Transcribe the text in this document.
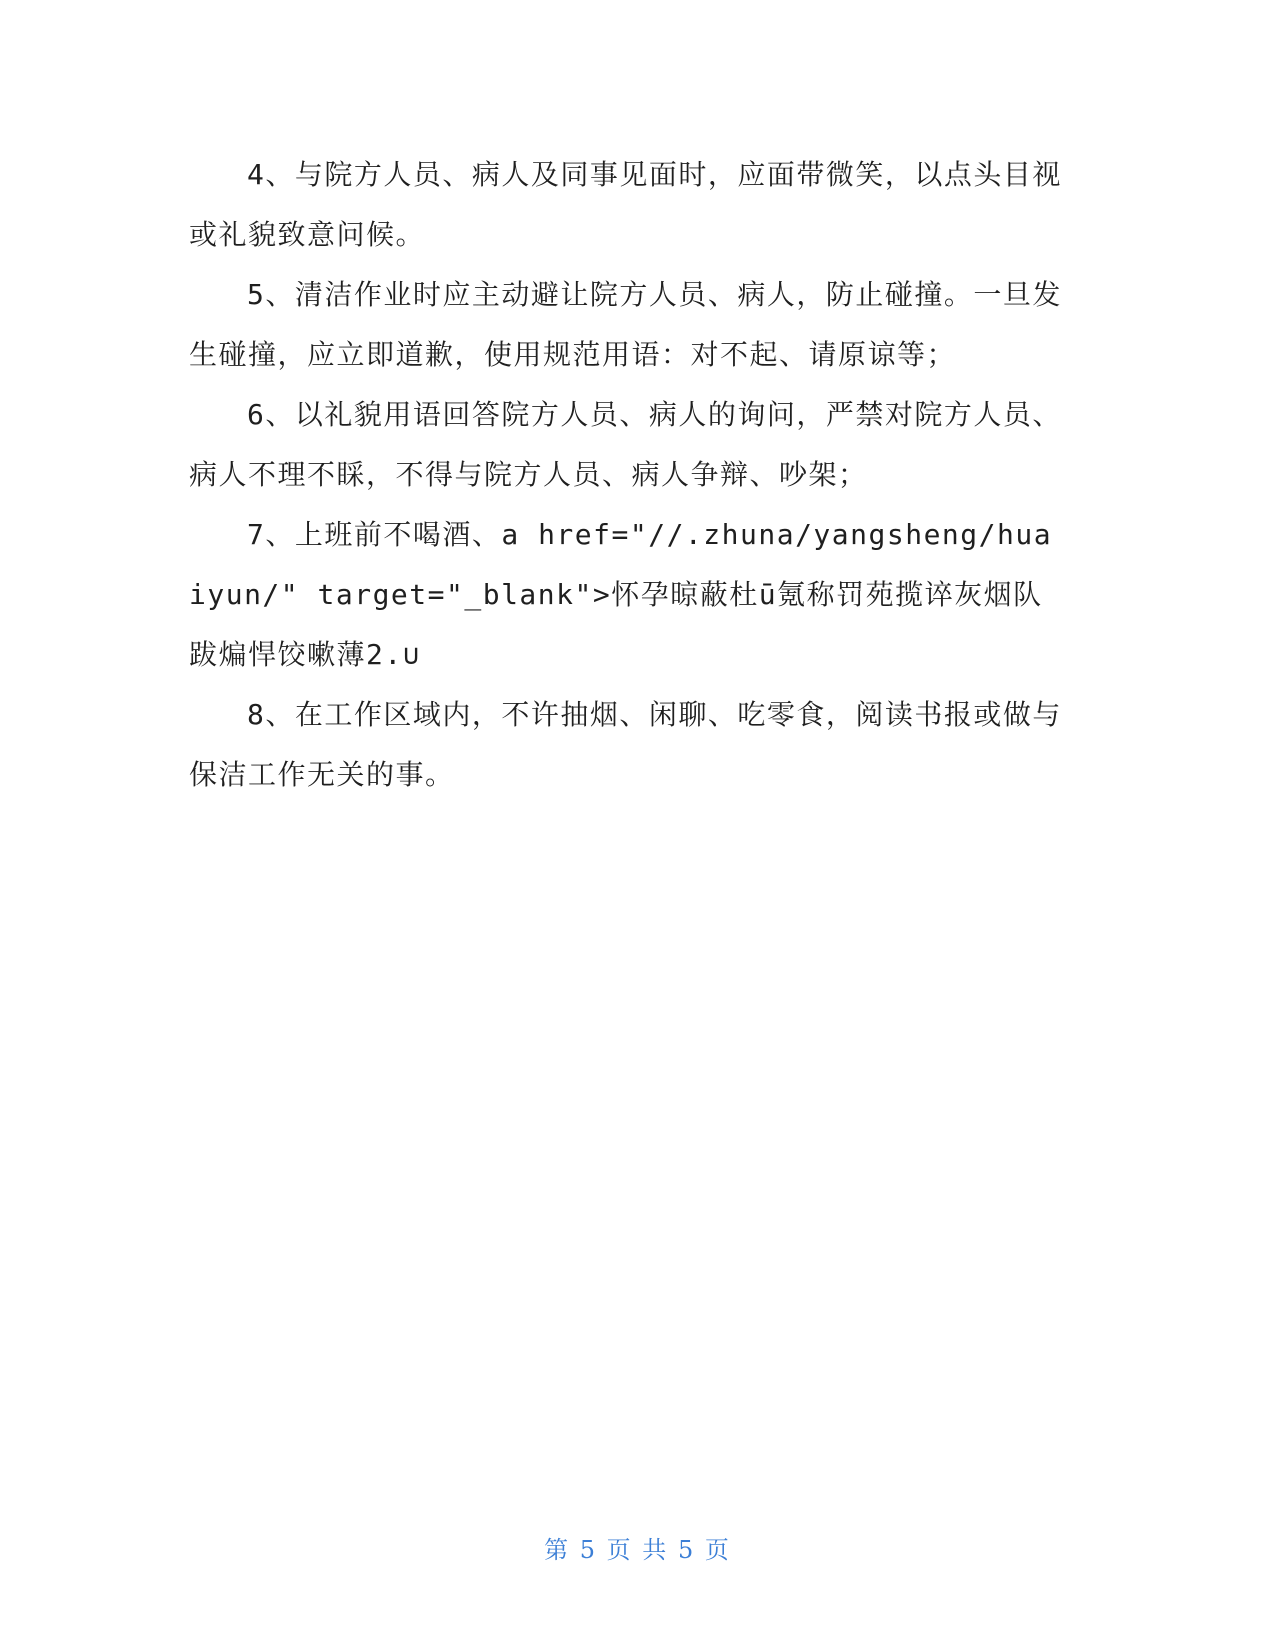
4、与院方人员、病人及同事见面时，应面带微笑，以点头目视或礼貌致意问候。

5、清洁作业时应主动避让院方人员、病人，防止碰撞。一旦发生碰撞，应立即道歉，使用规范用语：对不起、请原谅等；

6、以礼貌用语回答院方人员、病人的询问，严禁对院方人员、病人不理不睬，不得与院方人员、病人争辩、吵架；

7、上班前不喝酒、a href="//.zhuna/yangsheng/huaiyun/" target="_blank">怀孕晾蔽杜ū氪称罚苑揽谇灰烟队跋煸悍饺嗽薄2.∪

8、在工作区域内，不许抽烟、闲聊、吃零食，阅读书报或做与保洁工作无关的事。

第 5 页 共 5 页
